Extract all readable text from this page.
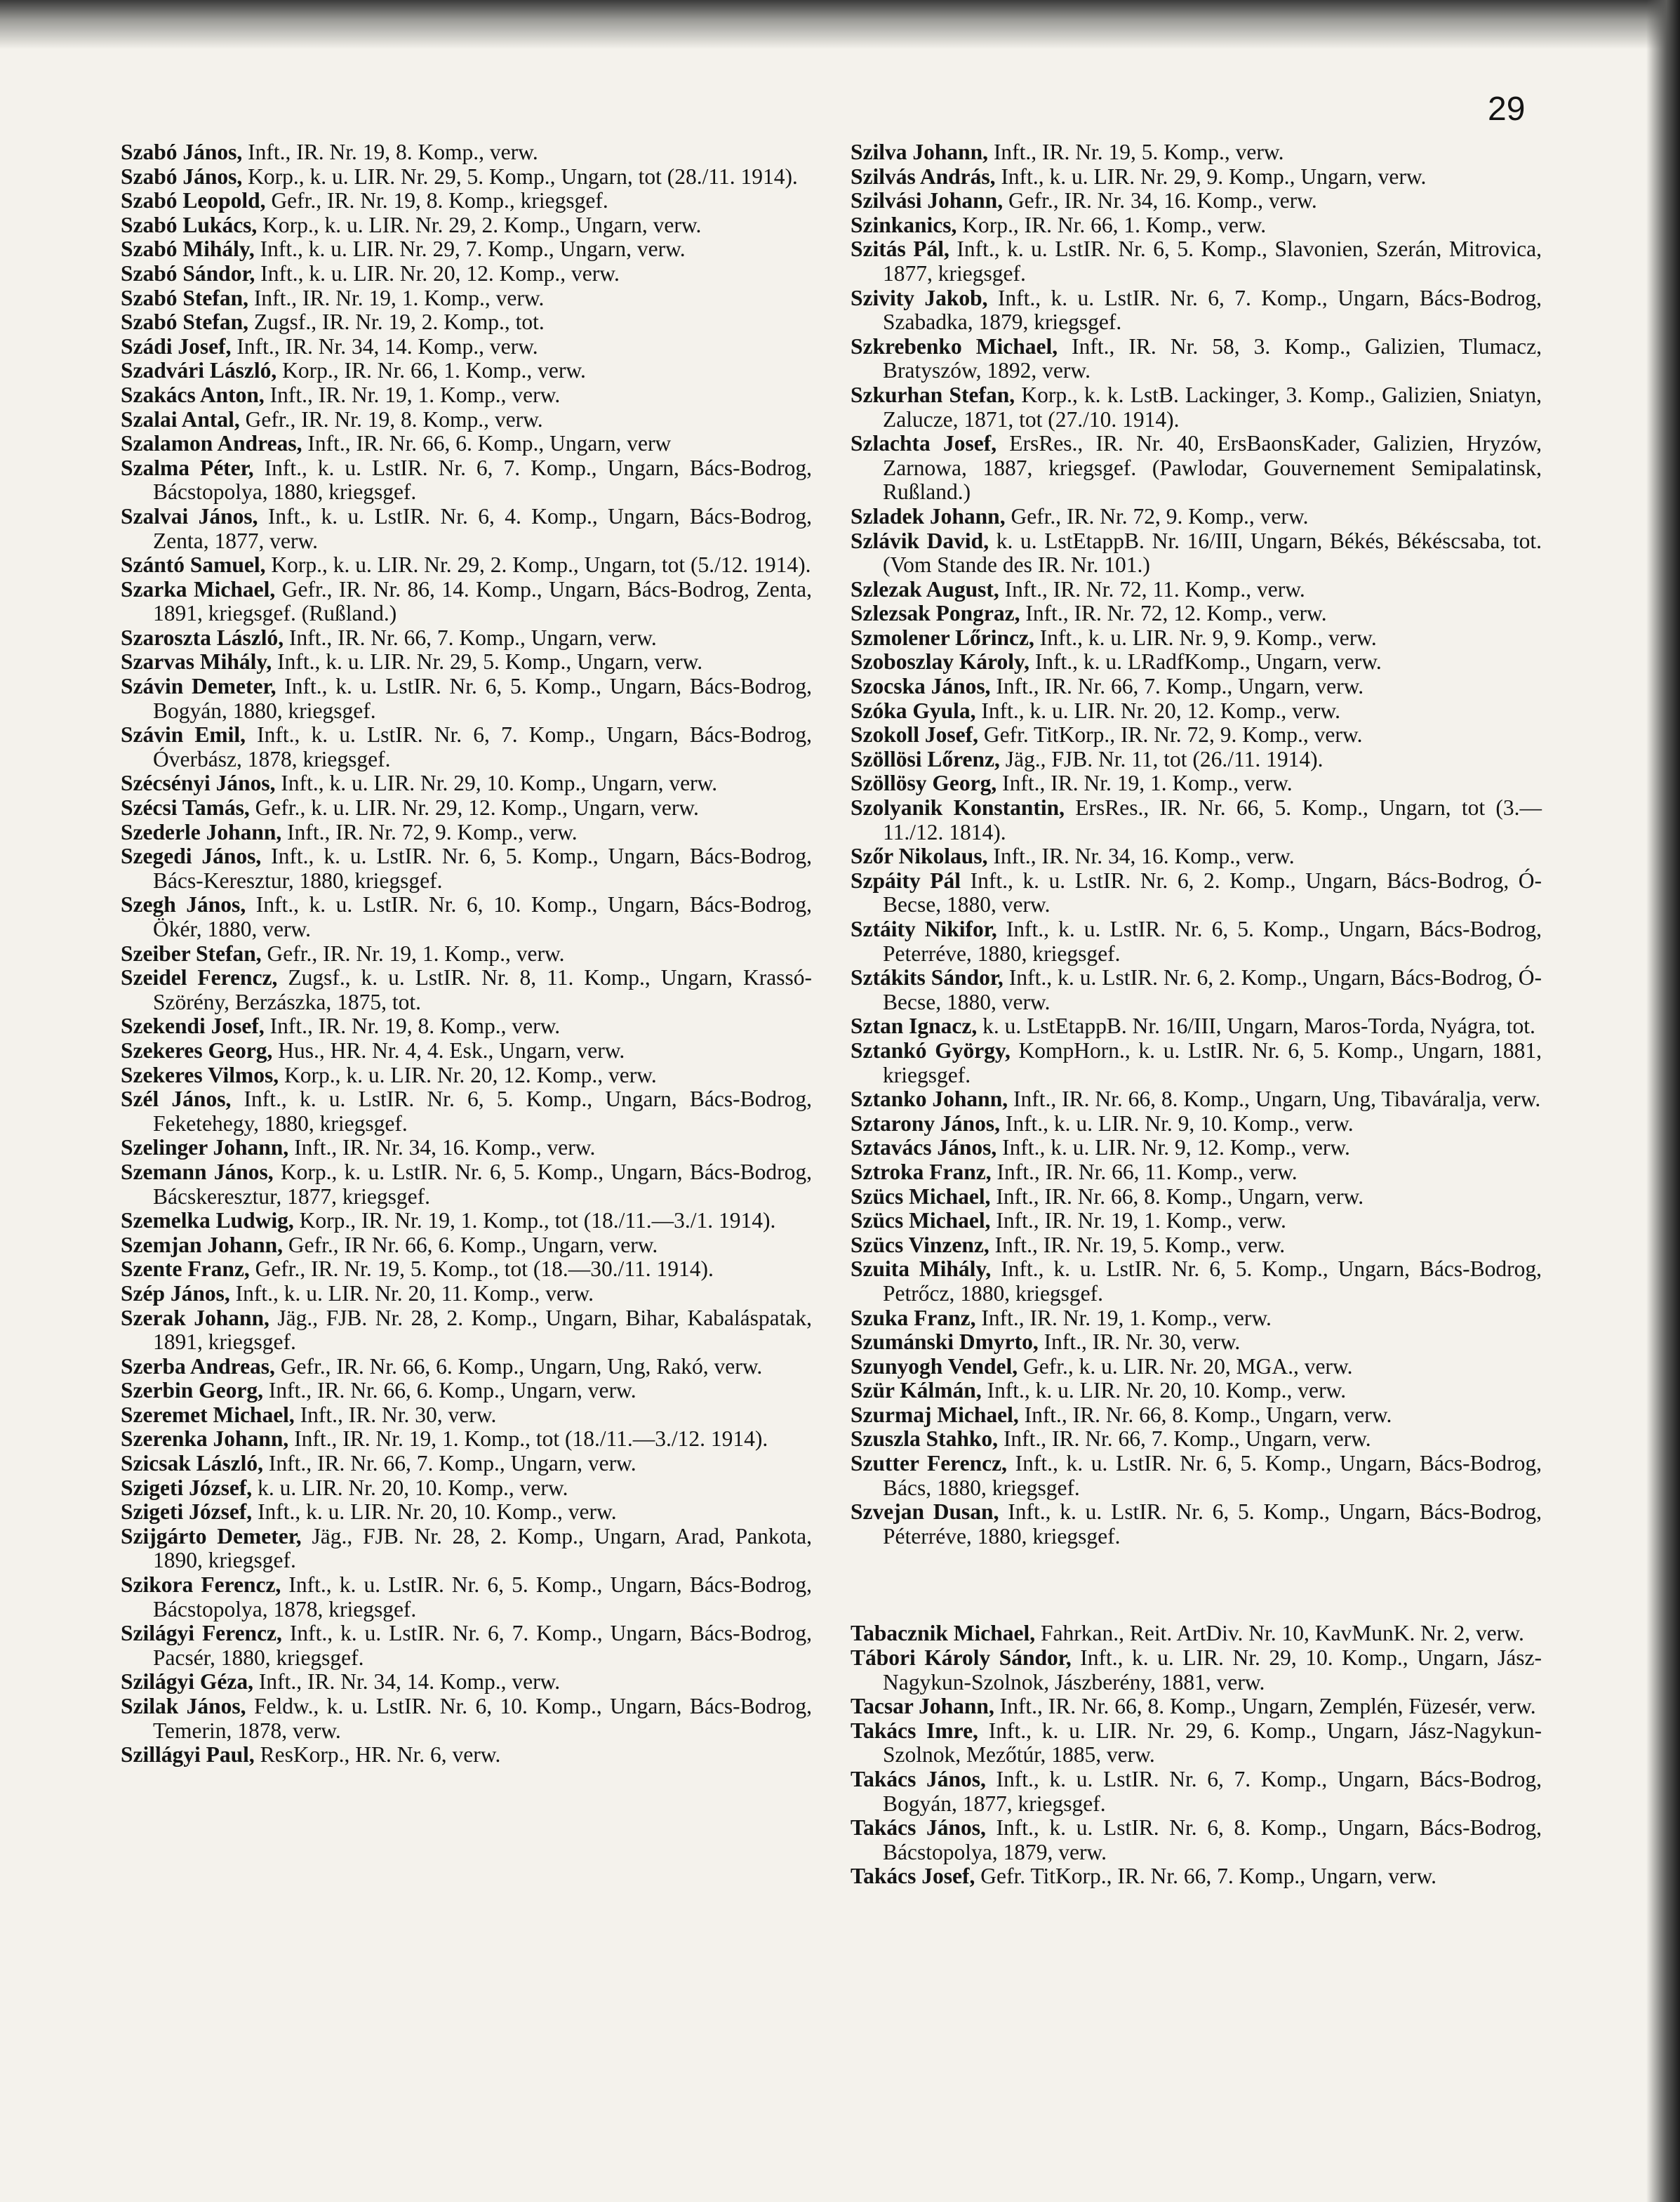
29

Szabó János, Inft., IR. Nr. 19, 8. Komp., verw.

Szabó János, Korp., k. u. LIR. Nr. 29, 5. Komp., Ungarn, tot (28./11. 1914).

Szabó Leopold, Gefr., IR. Nr. 19, 8. Komp., kriegsgef.

Szabó Lukács, Korp., k. u. LIR. Nr. 29, 2. Komp., Ungarn, verw.

Szabó Mihály, Inft., k. u. LIR. Nr. 29, 7. Komp., Ungarn, verw.

Szabó Sándor, Inft., k. u. LIR. Nr. 20, 12. Komp., verw.

Szabó Stefan, Inft., IR. Nr. 19, 1. Komp., verw.

Szabó Stefan, Zugsf., IR. Nr. 19, 2. Komp., tot.

Szádi Josef, Inft., IR. Nr. 34, 14. Komp., verw.

Szadvári László, Korp., IR. Nr. 66, 1. Komp., verw.

Szakács Anton, Inft., IR. Nr. 19, 1. Komp., verw.

Szalai Antal, Gefr., IR. Nr. 19, 8. Komp., verw.

Szalamon Andreas, Inft., IR. Nr. 66, 6. Komp., Ungarn, verw

Szalma Péter, Inft., k. u. LstIR. Nr. 6, 7. Komp., Ungarn, Bács-Bodrog, Bácstopolya, 1880, kriegsgef.

Szalvai János, Inft., k. u. LstIR. Nr. 6, 4. Komp., Ungarn, Bács-Bodrog, Zenta, 1877, verw.

Szántó Samuel, Korp., k. u. LIR. Nr. 29, 2. Komp., Ungarn, tot (5./12. 1914).

Szarka Michael, Gefr., IR. Nr. 86, 14. Komp., Ungarn, Bács-Bodrog, Zenta, 1891, kriegsgef. (Rußland.)

Szaroszta László, Inft., IR. Nr. 66, 7. Komp., Ungarn, verw.

Szarvas Mihály, Inft., k. u. LIR. Nr. 29, 5. Komp., Ungarn, verw.

Szávin Demeter, Inft., k. u. LstIR. Nr. 6, 5. Komp., Ungarn, Bács-Bodrog, Bogyán, 1880, kriegsgef.

Szávin Emil, Inft., k. u. LstIR. Nr. 6, 7. Komp., Ungarn, Bács-Bodrog, Óverbász, 1878, kriegsgef.

Szécsényi János, Inft., k. u. LIR. Nr. 29, 10. Komp., Ungarn, verw.

Szécsi Tamás, Gefr., k. u. LIR. Nr. 29, 12. Komp., Ungarn, verw.

Szederle Johann, Inft., IR. Nr. 72, 9. Komp., verw.

Szegedi János, Inft., k. u. LstIR. Nr. 6, 5. Komp., Ungarn, Bács-Bodrog, Bács-Keresztur, 1880, kriegsgef.

Szegh János, Inft., k. u. LstIR. Nr. 6, 10. Komp., Ungarn, Bács-Bodrog, Ökér, 1880, verw.

Szeiber Stefan, Gefr., IR. Nr. 19, 1. Komp., verw.

Szeidel Ferencz, Zugsf., k. u. LstIR. Nr. 8, 11. Komp., Ungarn, Krassó-Szörény, Berzászka, 1875, tot.

Szekendi Josef, Inft., IR. Nr. 19, 8. Komp., verw.

Szekeres Georg, Hus., HR. Nr. 4, 4. Esk., Ungarn, verw.

Szekeres Vilmos, Korp., k. u. LIR. Nr. 20, 12. Komp., verw.

Szél János, Inft., k. u. LstIR. Nr. 6, 5. Komp., Ungarn, Bács-Bodrog, Feketehegy, 1880, kriegsgef.

Szelinger Johann, Inft., IR. Nr. 34, 16. Komp., verw.

Szemann János, Korp., k. u. LstIR. Nr. 6, 5. Komp., Ungarn, Bács-Bodrog, Bácskeresztur, 1877, kriegsgef.

Szemelka Ludwig, Korp., IR. Nr. 19, 1. Komp., tot (18./11.—3./1. 1914).

Szemjan Johann, Gefr., IR Nr. 66, 6. Komp., Ungarn, verw.

Szente Franz, Gefr., IR. Nr. 19, 5. Komp., tot (18.—30./11. 1914).

Szép János, Inft., k. u. LIR. Nr. 20, 11. Komp., verw.

Szerak Johann, Jäg., FJB. Nr. 28, 2. Komp., Ungarn, Bihar, Kabaláspatak, 1891, kriegsgef.

Szerba Andreas, Gefr., IR. Nr. 66, 6. Komp., Ungarn, Ung, Rakó, verw.

Szerbin Georg, Inft., IR. Nr. 66, 6. Komp., Ungarn, verw.

Szeremet Michael, Inft., IR. Nr. 30, verw.

Szerenka Johann, Inft., IR. Nr. 19, 1. Komp., tot (18./11.—3./12. 1914).

Szicsak László, Inft., IR. Nr. 66, 7. Komp., Ungarn, verw.

Szigeti József, k. u. LIR. Nr. 20, 10. Komp., verw.

Szigeti József, Inft., k. u. LIR. Nr. 20, 10. Komp., verw.

Szijgárto Demeter, Jäg., FJB. Nr. 28, 2. Komp., Ungarn, Arad, Pankota, 1890, kriegsgef.

Szikora Ferencz, Inft., k. u. LstIR. Nr. 6, 5. Komp., Ungarn, Bács-Bodrog, Bácstopolya, 1878, kriegsgef.

Szilágyi Ferencz, Inft., k. u. LstIR. Nr. 6, 7. Komp., Ungarn, Bács-Bodrog, Pacsér, 1880, kriegsgef.

Szilágyi Géza, Inft., IR. Nr. 34, 14. Komp., verw.

Szilak János, Feldw., k. u. LstIR. Nr. 6, 10. Komp., Ungarn, Bács-Bodrog, Temerin, 1878, verw.

Szillágyi Paul, ResKorp., HR. Nr. 6, verw.

Szilva Johann, Inft., IR. Nr. 19, 5. Komp., verw.

Szilvás András, Inft., k. u. LIR. Nr. 29, 9. Komp., Ungarn, verw.

Szilvási Johann, Gefr., IR. Nr. 34, 16. Komp., verw.

Szinkanics, Korp., IR. Nr. 66, 1. Komp., verw.

Szitás Pál, Inft., k. u. LstIR. Nr. 6, 5. Komp., Slavonien, Szerán, Mitrovica, 1877, kriegsgef.

Szivity Jakob, Inft., k. u. LstIR. Nr. 6, 7. Komp., Ungarn, Bács-Bodrog, Szabadka, 1879, kriegsgef.

Szkrebenko Michael, Inft., IR. Nr. 58, 3. Komp., Galizien, Tlumacz, Bratyszów, 1892, verw.

Szkurhan Stefan, Korp., k. k. LstB. Lackinger, 3. Komp., Galizien, Sniatyn, Zalucze, 1871, tot (27./10. 1914).

Szlachta Josef, ErsRes., IR. Nr. 40, ErsBaonsKader, Galizien, Hryzów, Zarnowa, 1887, kriegsgef. (Pawlodar, Gouvernement Semipalatinsk, Rußland.)

Szladek Johann, Gefr., IR. Nr. 72, 9. Komp., verw.

Szlávik David, k. u. LstEtappB. Nr. 16/III, Ungarn, Békés, Békéscsaba, tot. (Vom Stande des IR. Nr. 101.)

Szlezak August, Inft., IR. Nr. 72, 11. Komp., verw.

Szlezsak Pongraz, Inft., IR. Nr. 72, 12. Komp., verw.

Szmolener Lőrincz, Inft., k. u. LIR. Nr. 9, 9. Komp., verw.

Szoboszlay Károly, Inft., k. u. LRadfKomp., Ungarn, verw.

Szocska János, Inft., IR. Nr. 66, 7. Komp., Ungarn, verw.

Szóka Gyula, Inft., k. u. LIR. Nr. 20, 12. Komp., verw.

Szokoll Josef, Gefr. TitKorp., IR. Nr. 72, 9. Komp., verw.

Szöllösi Lőrenz, Jäg., FJB. Nr. 11, tot (26./11. 1914).

Szöllösy Georg, Inft., IR. Nr. 19, 1. Komp., verw.

Szolyanik Konstantin, ErsRes., IR. Nr. 66, 5. Komp., Ungarn, tot (3.—11./12. 1814).

Szőr Nikolaus, Inft., IR. Nr. 34, 16. Komp., verw.

Szpáity Pál Inft., k. u. LstIR. Nr. 6, 2. Komp., Ungarn, Bács-Bodrog, Ó-Becse, 1880, verw.

Sztáity Nikifor, Inft., k. u. LstIR. Nr. 6, 5. Komp., Ungarn, Bács-Bodrog, Peterréve, 1880, kriegsgef.

Sztákits Sándor, Inft., k. u. LstIR. Nr. 6, 2. Komp., Ungarn, Bács-Bodrog, Ó-Becse, 1880, verw.

Sztan Ignacz, k. u. LstEtappB. Nr. 16/III, Ungarn, Maros-Torda, Nyágra, tot.

Sztankó György, KompHorn., k. u. LstIR. Nr. 6, 5. Komp., Ungarn, 1881, kriegsgef.

Sztanko Johann, Inft., IR. Nr. 66, 8. Komp., Ungarn, Ung, Tibaváralja, verw.

Sztarony János, Inft., k. u. LIR. Nr. 9, 10. Komp., verw.

Sztavács János, Inft., k. u. LIR. Nr. 9, 12. Komp., verw.

Sztroka Franz, Inft., IR. Nr. 66, 11. Komp., verw.

Szücs Michael, Inft., IR. Nr. 66, 8. Komp., Ungarn, verw.

Szücs Michael, Inft., IR. Nr. 19, 1. Komp., verw.

Szücs Vinzenz, Inft., IR. Nr. 19, 5. Komp., verw.

Szuita Mihály, Inft., k. u. LstIR. Nr. 6, 5. Komp., Ungarn, Bács-Bodrog, Petrőcz, 1880, kriegsgef.

Szuka Franz, Inft., IR. Nr. 19, 1. Komp., verw.

Szumánski Dmyrto, Inft., IR. Nr. 30, verw.

Szunyogh Vendel, Gefr., k. u. LIR. Nr. 20, MGA., verw.

Szür Kálmán, Inft., k. u. LIR. Nr. 20, 10. Komp., verw.

Szurmaj Michael, Inft., IR. Nr. 66, 8. Komp., Ungarn, verw.

Szuszla Stahko, Inft., IR. Nr. 66, 7. Komp., Ungarn, verw.

Szutter Ferencz, Inft., k. u. LstIR. Nr. 6, 5. Komp., Ungarn, Bács-Bodrog, Bács, 1880, kriegsgef.

Szvejan Dusan, Inft., k. u. LstIR. Nr. 6, 5. Komp., Ungarn, Bács-Bodrog, Péterréve, 1880, kriegsgef.

Tabacznik Michael, Fahrkan., Reit. ArtDiv. Nr. 10, KavMunK. Nr. 2, verw.

Tábori Károly Sándor, Inft., k. u. LIR. Nr. 29, 10. Komp., Ungarn, Jász-Nagykun-Szolnok, Jászberény, 1881, verw.

Tacsar Johann, Inft., IR. Nr. 66, 8. Komp., Ungarn, Zemplén, Füzesér, verw.

Takács Imre, Inft., k. u. LIR. Nr. 29, 6. Komp., Ungarn, Jász-Nagykun-Szolnok, Mezőtúr, 1885, verw.

Takács János, Inft., k. u. LstIR. Nr. 6, 7. Komp., Ungarn, Bács-Bodrog, Bogyán, 1877, kriegsgef.

Takács János, Inft., k. u. LstIR. Nr. 6, 8. Komp., Ungarn, Bács-Bodrog, Bácstopolya, 1879, verw.

Takács Josef, Gefr. TitKorp., IR. Nr. 66, 7. Komp., Ungarn, verw.
